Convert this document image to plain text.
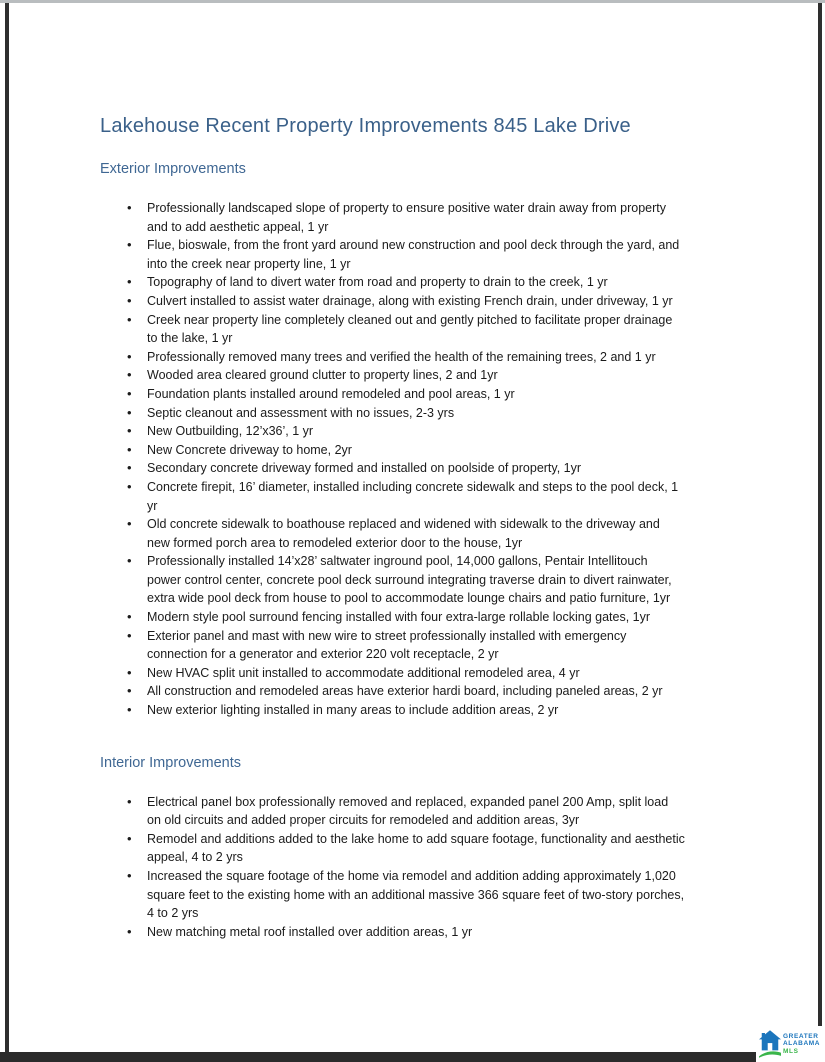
Lakehouse Recent Property Improvements 845 Lake Drive
Exterior Improvements
• Professionally landscaped slope of property to ensure positive water drain away from property and to add aesthetic appeal, 1 yr
• Flue, bioswale, from the front yard around new construction and pool deck through the yard, and into the creek near property line, 1 yr
• Topography of land to divert water from road and property to drain to the creek, 1 yr
• Culvert installed to assist water drainage, along with existing French drain, under driveway, 1 yr
• Creek near property line completely cleaned out and gently pitched to facilitate proper drainage to the lake, 1 yr
• Professionally removed many trees and verified the health of the remaining trees, 2 and 1 yr
• Wooded area cleared ground clutter to property lines, 2 and 1yr
• Foundation plants installed around remodeled and pool areas, 1 yr
• Septic cleanout and assessment with no issues, 2-3 yrs
• New Outbuilding, 12’x36’, 1 yr
• New Concrete driveway to home, 2yr
• Secondary concrete driveway formed and installed on poolside of property, 1yr
• Concrete firepit, 16’ diameter, installed including concrete sidewalk and steps to the pool deck, 1 yr
• Old concrete sidewalk to boathouse replaced and widened with sidewalk to the driveway and new formed porch area to remodeled exterior door to the house, 1yr
• Professionally installed 14’x28’ saltwater inground pool, 14,000 gallons, Pentair Intellitouch power control center, concrete pool deck surround integrating traverse drain to divert rainwater, extra wide pool deck from house to pool to accommodate lounge chairs and patio furniture, 1yr
• Modern style pool surround fencing installed with four extra-large rollable locking gates, 1yr
• Exterior panel and mast with new wire to street professionally installed with emergency connection for a generator and exterior 220 volt receptacle, 2 yr
• New HVAC split unit installed to accommodate additional remodeled area, 4 yr
• All construction and remodeled areas have exterior hardi board, including paneled areas, 2 yr
• New exterior lighting installed in many areas to include addition areas, 2 yr
Interior Improvements
• Electrical panel box professionally removed and replaced, expanded panel 200 Amp, split load on old circuits and added proper circuits for remodeled and addition areas, 3yr
• Remodel and additions added to the lake home to add square footage, functionality and aesthetic appeal, 4 to 2 yrs
• Increased the square footage of the home via remodel and addition adding approximately 1,020 square feet to the existing home with an additional massive 366 square feet of two-story porches, 4 to 2 yrs
• New matching metal roof installed over addition areas, 1 yr
GREATER
ALABAMA
MLS
